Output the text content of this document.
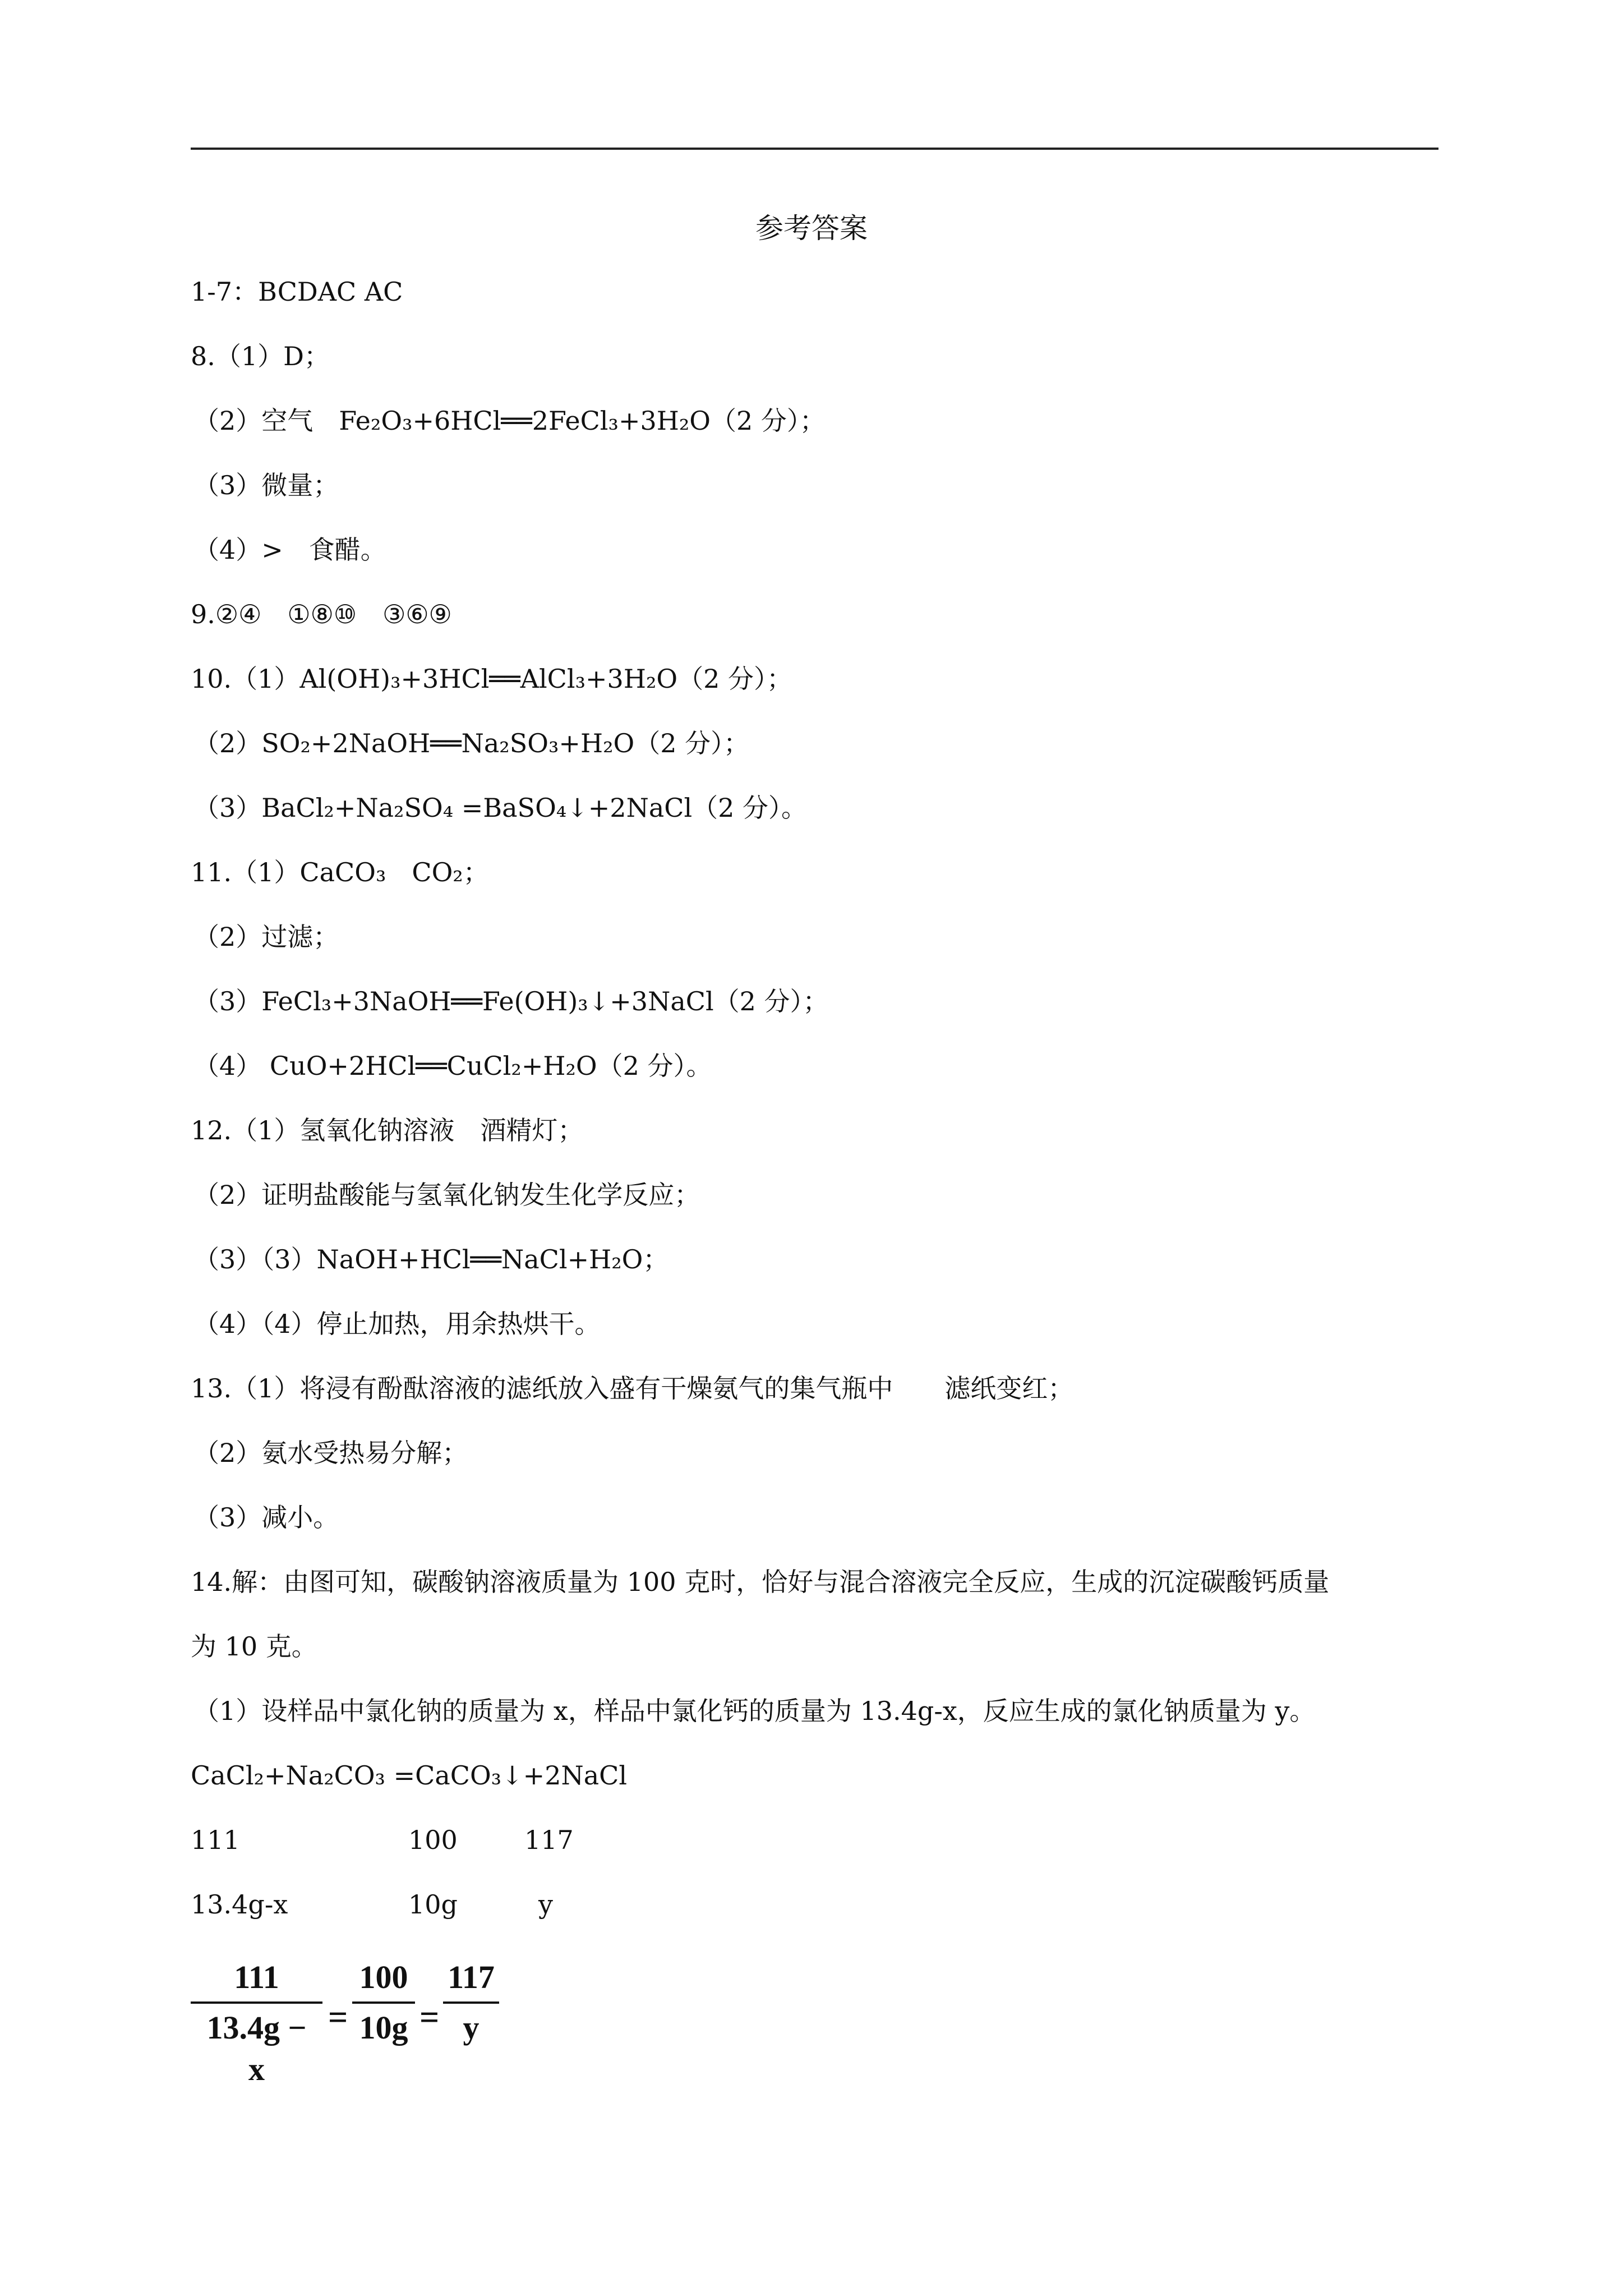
参考答案
1-7：BCDAC AC
8.（1）D；
（2）空气　Fe₂O₃+6HCl══2FeCl₃+3H₂O（2 分）；
（3）微量；
（4）>　食醋。
9.②④　①⑧⑩　③⑥⑨
10.（1）Al(OH)₃+3HCl══AlCl₃+3H₂O（2 分）；
（2）SO₂+2NaOH══Na₂SO₃+H₂O（2 分）；
（3）BaCl₂+Na₂SO₄ =BaSO₄↓+2NaCl（2 分）。
11.（1）CaCO₃　CO₂；
（2）过滤；
（3）FeCl₃+3NaOH══Fe(OH)₃↓+3NaCl（2 分）；
（4） CuO+2HCl══CuCl₂+H₂O（2 分）。
12.（1）氢氧化钠溶液　酒精灯；
（2）证明盐酸能与氢氧化钠发生化学反应；
（3）（3）NaOH+HCl══NaCl+H₂O；
（4）（4）停止加热，用余热烘干。
13.（1）将浸有酚酞溶液的滤纸放入盛有干燥氨气的集气瓶中　　滤纸变红；
（2）氨水受热易分解；
（3）减小。
14.解：由图可知，碳酸钠溶液质量为 100 克时，恰好与混合溶液完全反应，生成的沉淀碳酸钙质量
为 10 克。
（1）设样品中氯化钠的质量为 x，样品中氯化钙的质量为 13.4g-x，反应生成的氯化钠质量为 y。
CaCl₂+Na₂CO₃ =CaCO₃↓+2NaCl
111	100	117
13.4g-x	10g	y
111
13.4g − x
=
100
10g =
117
y
